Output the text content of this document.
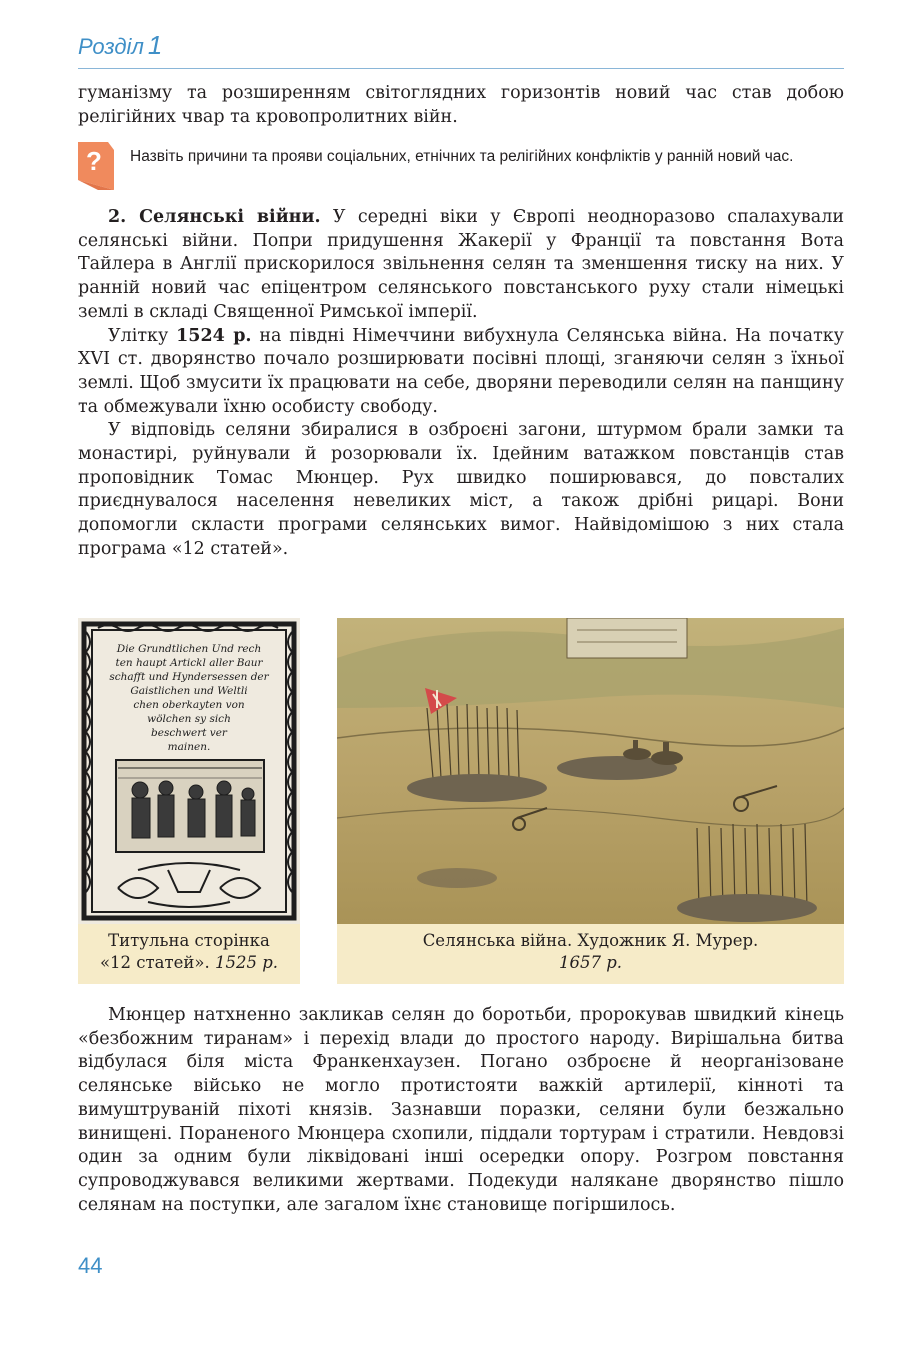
Розділ 1

гуманізму та розширенням світоглядних горизонтів новий час став добою релігійних чвар та кровопролитних війн.

? Назвіть причини та прояви соціальних, етнічних та релігійних конфліктів у ранній новий час.

2. Селянські війни. У середні віки у Європі неодноразово спалахували селянські війни. Попри придушення Жакерії у Франції та повстання Вота Тайлера в Англії прискорилося звільнення селян та зменшення тиску на них. У ранній новий час епіцентром селянського повстанського руху стали німецькі землі в складі Священної Римської імперії.

Улітку 1524 р. на півдні Німеччини вибухнула Селянська війна. На початку XVI ст. дворянство почало розширювати посівні площі, зганяючи селян з їхньої землі. Щоб змусити їх працювати на себе, дворяни переводили селян на панщину та обмежували їхню особисту свободу.

У відповідь селяни збиралися в озброєні загони, штурмом брали замки та монастирі, руйнували й розорювали їх. Ідейним ватажком повстанців став проповідник Томас Мюнцер. Рух швидко поширювався, до повсталих приєднувалося населення невеликих міст, а також дрібні рицарі. Вони допомогли скласти програми селянських вимог. Найвідомішою з них стала програма «12 статей».

Die Grundtlichen Und rech
ten haupt Artickl aller Baur
schafft und Hyndersessen der
Gaistlichen und Weltli
chen oberkayten von
wölchen sy sich
beschwert ver
mainen.
Титульна сторінка
«12 статей». 1525 р.
Селянська війна. Художник Я. Мурер.
1657 р.

Мюнцер натхненно закликав селян до боротьби, пророкував швидкий кінець «безбожним тиранам» і перехід влади до простого народу. Вирішальна битва відбулася біля міста Франкенхаузен. Погано озброєне й неорганізоване селянське військо не могло протистояти важкій артилерії, кінноті та вимуштруваній піхоті князів. Зазнавши поразки, селяни були безжально винищені. Пораненого Мюнцера схопили, піддали тортурам і стратили. Невдовзі один за одним були ліквідовані інші осередки опору. Розгром повстання супроводжувався великими жертвами. Подекуди налякане дворянство пішло селянам на поступки, але загалом їхнє становище погіршилось.

44
